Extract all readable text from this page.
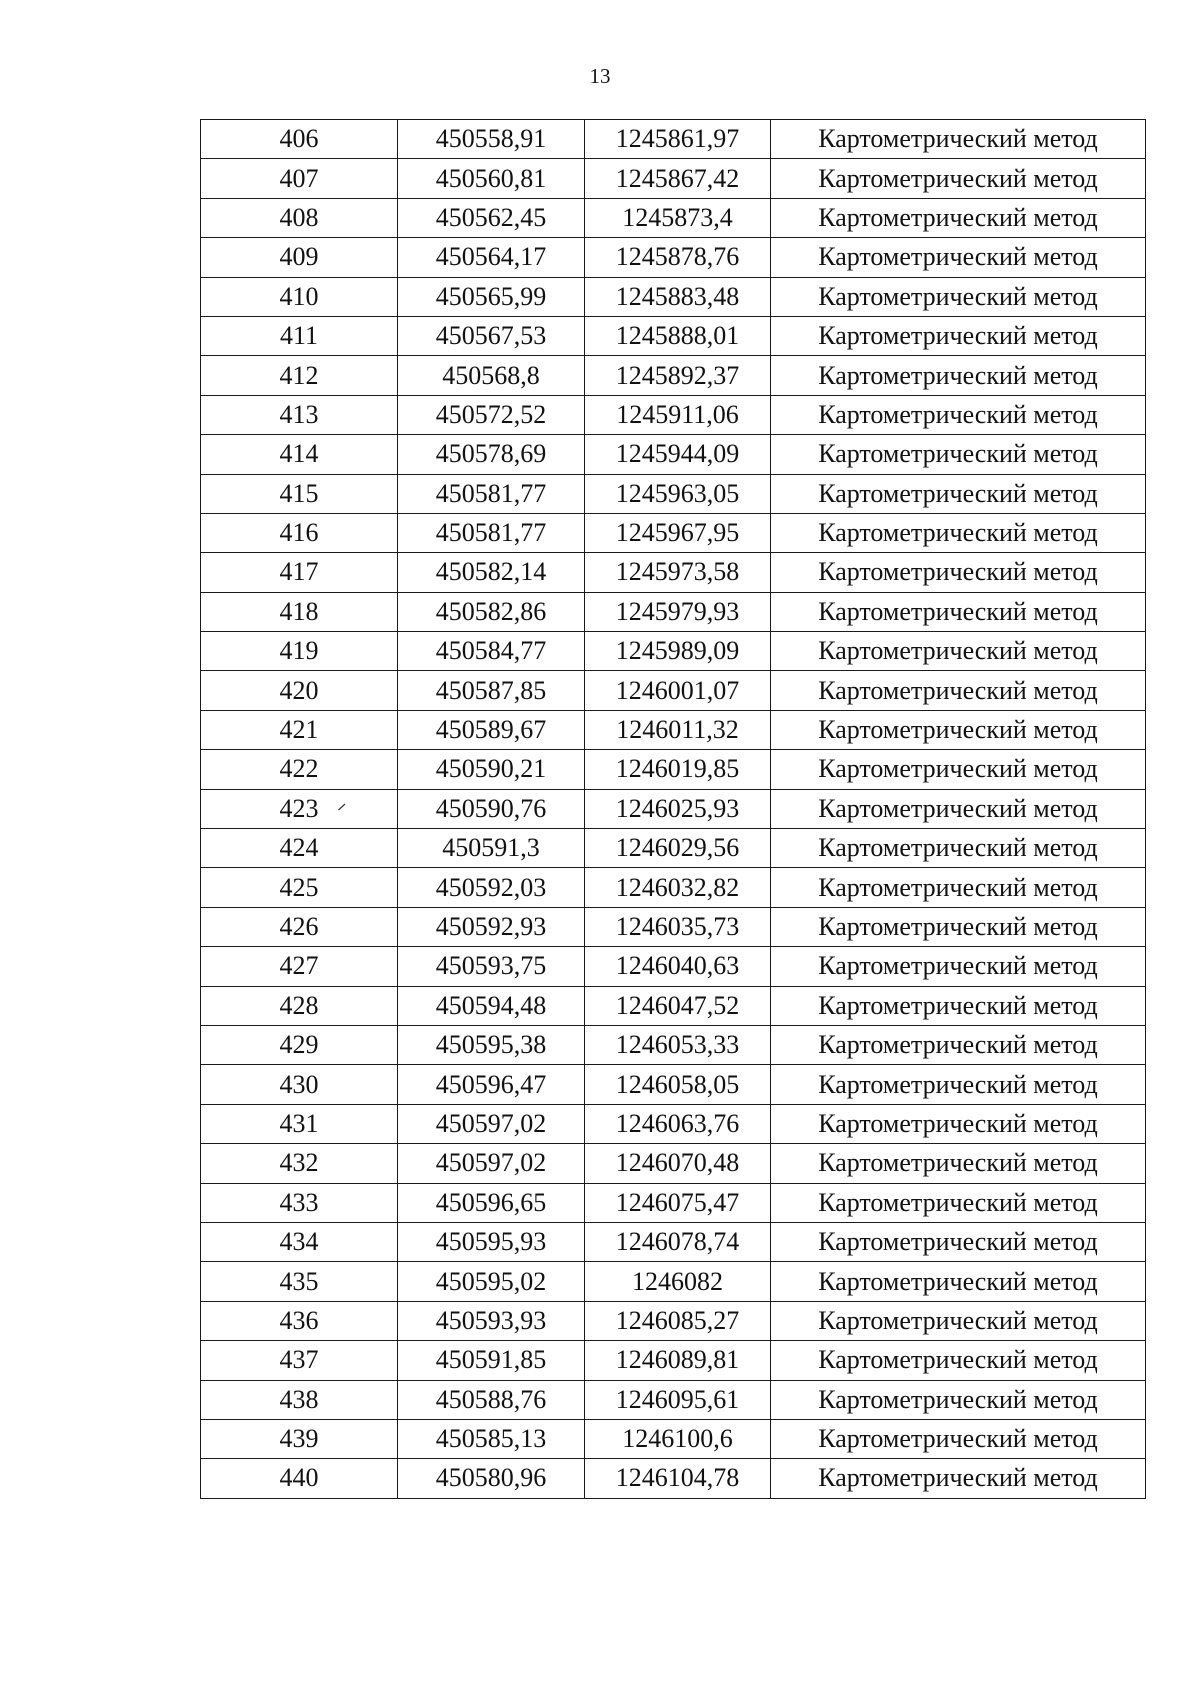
13
406	450558,91	1245861,97	Картометрический метод
407	450560,81	1245867,42	Картометрический метод
408	450562,45	1245873,4	Картометрический метод
409	450564,17	1245878,76	Картометрический метод
410	450565,99	1245883,48	Картометрический метод
411	450567,53	1245888,01	Картометрический метод
412	450568,8	1245892,37	Картометрический метод
413	450572,52	1245911,06	Картометрический метод
414	450578,69	1245944,09	Картометрический метод
415	450581,77	1245963,05	Картометрический метод
416	450581,77	1245967,95	Картометрический метод
417	450582,14	1245973,58	Картометрический метод
418	450582,86	1245979,93	Картометрический метод
419	450584,77	1245989,09	Картометрический метод
420	450587,85	1246001,07	Картометрический метод
421	450589,67	1246011,32	Картометрический метод
422	450590,21	1246019,85	Картометрический метод
423	450590,76	1246025,93	Картометрический метод
424	450591,3	1246029,56	Картометрический метод
425	450592,03	1246032,82	Картометрический метод
426	450592,93	1246035,73	Картометрический метод
427	450593,75	1246040,63	Картометрический метод
428	450594,48	1246047,52	Картометрический метод
429	450595,38	1246053,33	Картометрический метод
430	450596,47	1246058,05	Картометрический метод
431	450597,02	1246063,76	Картометрический метод
432	450597,02	1246070,48	Картометрический метод
433	450596,65	1246075,47	Картометрический метод
434	450595,93	1246078,74	Картометрический метод
435	450595,02	1246082	Картометрический метод
436	450593,93	1246085,27	Картометрический метод
437	450591,85	1246089,81	Картометрический метод
438	450588,76	1246095,61	Картометрический метод
439	450585,13	1246100,6	Картометрический метод
440	450580,96	1246104,78	Картометрический метод
